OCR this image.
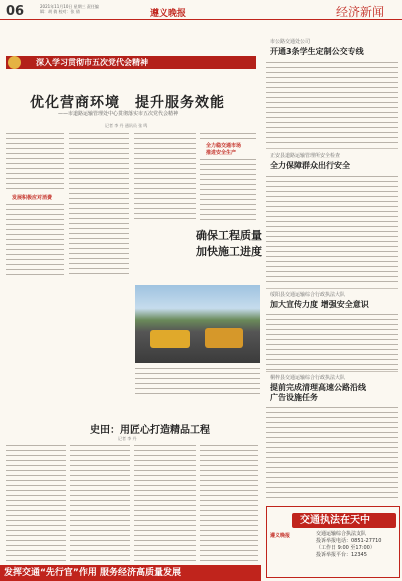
06	2021年11月10日 星期三 责任编辑：胡 倩 校对：张 倩	遵义晚报	经济新闻
深入学习贯彻市五次党代会精神
优化营商环境　提升服务效能
——市道路运输管理处中心贯彻落实市五次党代会精神
记者 李 丹 通讯员 张 鸣
发展积极应对消费
全力稳交通市场
推进安全生产
确保工程质量
加快施工进度
史田：用匠心打造精品工程
记者 李 丹
发挥交通“先行官”作用 服务经济高质量发展
市公路交通处公司
开通3条学生定制公交专线
正安县道路运输管理所安全检查
全力保障群众出行安全
绥阳县交通运输综合行政执法大队
加大宣传力度 增强安全意识
桐梓县交通运输综合行政执法大队
提前完成清理高速公路沿线
广告设施任务
交通执法在天中
遵义晚报	交通运输综合执法支队
投诉举报电话：0851-27710
（工作日 9:00 至17:00）
投诉举报平台：12345
